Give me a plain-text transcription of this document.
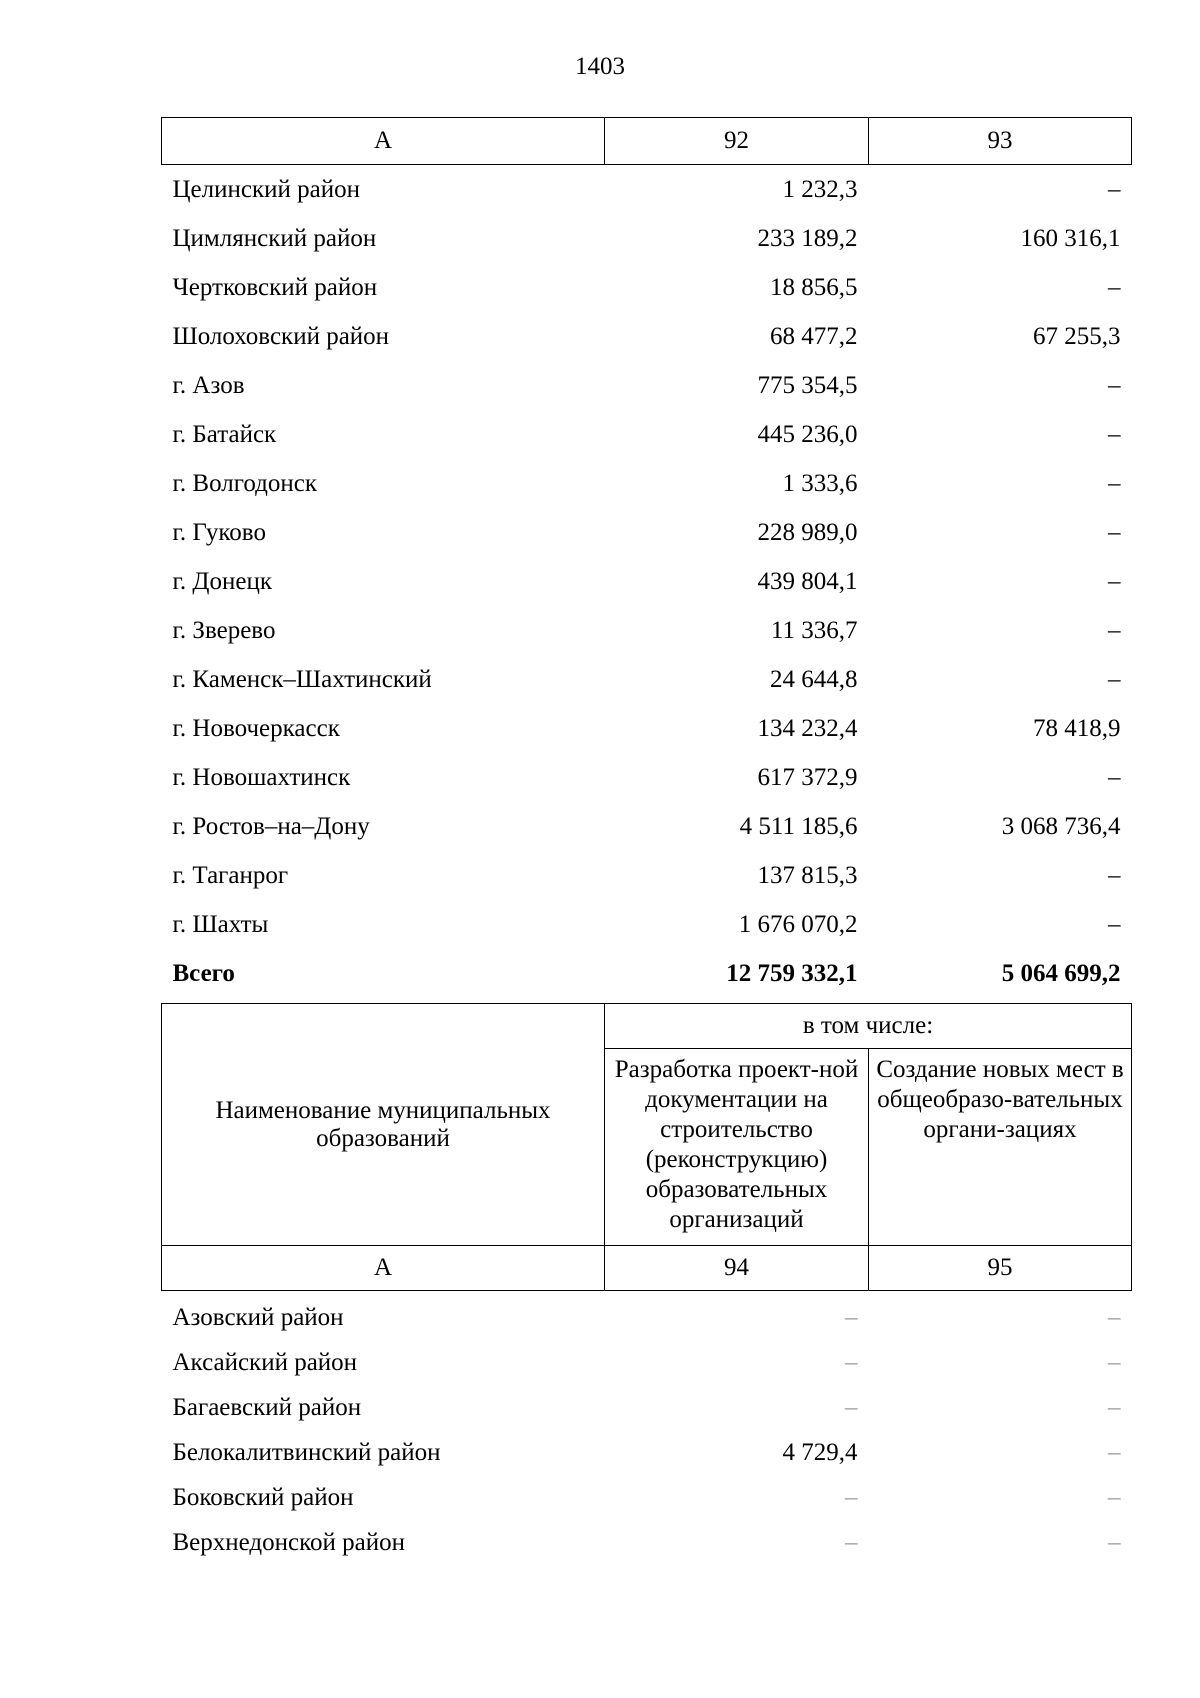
1403
А	92	93
Целинский район	1 232,3	–
Цимлянский район	233 189,2	160 316,1
Чертковский район	18 856,5	–
Шолоховский район	68 477,2	67 255,3
г. Азов	775 354,5	–
г. Батайск	445 236,0	–
г. Волгодонск	1 333,6	–
г. Гуково	228 989,0	–
г. Донецк	439 804,1	–
г. Зверево	11 336,7	–
г. Каменск–Шахтинский	24 644,8	–
г. Новочеркасск	134 232,4	78 418,9
г. Новошахтинск	617 372,9	–
г. Ростов–на–Дону	4 511 185,6	3 068 736,4
г. Таганрог	137 815,3	–
г. Шахты	1 676 070,2	–
Всего	12 759 332,1	5 064 699,2
Наименование муниципальных образований	в том числе:	
	Разработка проект-ной документации на строительство (реконструкцию) образовательных организаций	Создание новых мест в общеобразо-вательных органи-зациях
А	94	95
Азовский район	–	–
Аксайский район	–	–
Багаевский район	–	–
Белокалитвинский район	4 729,4	–
Боковский район	–	–
Верхнедонской район	–	–
